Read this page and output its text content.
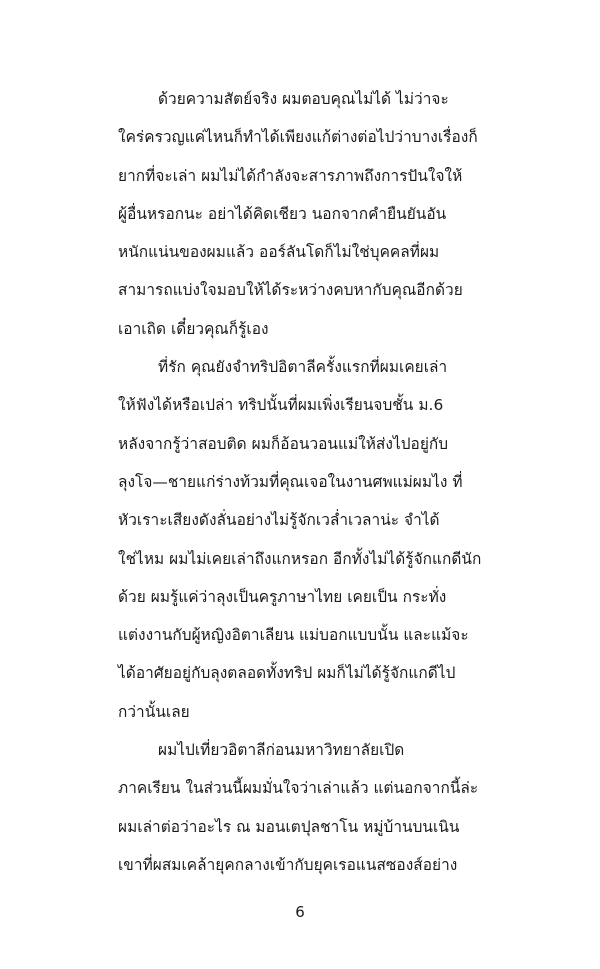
ด้วยความสัตย์จริง ผมตอบคุณไม่ได้ ไม่ว่าจะ
ใคร่ครวญแค่ไหนก็ทำได้เพียงแก้ต่างต่อไปว่าบางเรื่องก็
ยากที่จะเล่า ผมไม่ได้กำลังจะสารภาพถึงการปันใจให้
ผู้อื่นหรอกนะ อย่าได้คิดเชียว นอกจากคำยืนยันอัน
หนักแน่นของผมแล้ว ออร์ลันโดก็ไม่ใช่บุคคลที่ผม
สามารถแบ่งใจมอบให้ได้ระหว่างคบหากับคุณอีกด้วย
เอาเถิด เดี๋ยวคุณก็รู้เอง
ที่รัก คุณยังจำทริปอิตาลีครั้งแรกที่ผมเคยเล่า
ให้ฟังได้หรือเปล่า ทริปนั้นที่ผมเพิ่งเรียนจบชั้น ม.6
หลังจากรู้ว่าสอบติด ผมก็อ้อนวอนแม่ให้ส่งไปอยู่กับ
ลุงโจ—ชายแก่ร่างท้วมที่คุณเจอในงานศพแม่ผมไง ที่
หัวเราะเสียงดังลั่นอย่างไม่รู้จักเวล่ำเวลาน่ะ จำได้
ใช่ไหม ผมไม่เคยเล่าถึงแกหรอก อีกทั้งไม่ได้รู้จักแกดีนัก
ด้วย ผมรู้แค่ว่าลุงเป็นครูภาษาไทย เคยเป็น กระทั่ง
แต่งงานกับผู้หญิงอิตาเลียน แม่บอกแบบนั้น และแม้จะ
ได้อาศัยอยู่กับลุงตลอดทั้งทริป ผมก็ไม่ได้รู้จักแกดีไป
กว่านั้นเลย
ผมไปเที่ยวอิตาลีก่อนมหาวิทยาลัยเปิด
ภาคเรียน ในส่วนนี้ผมมั่นใจว่าเล่าแล้ว แต่นอกจากนี้ล่ะ
ผมเล่าต่อว่าอะไร ณ มอนเตปุลชาโน หมู่บ้านบนเนิน
เขาที่ผสมเคล้ายุคกลางเข้ากับยุคเรอแนสซองส์อย่าง
6
